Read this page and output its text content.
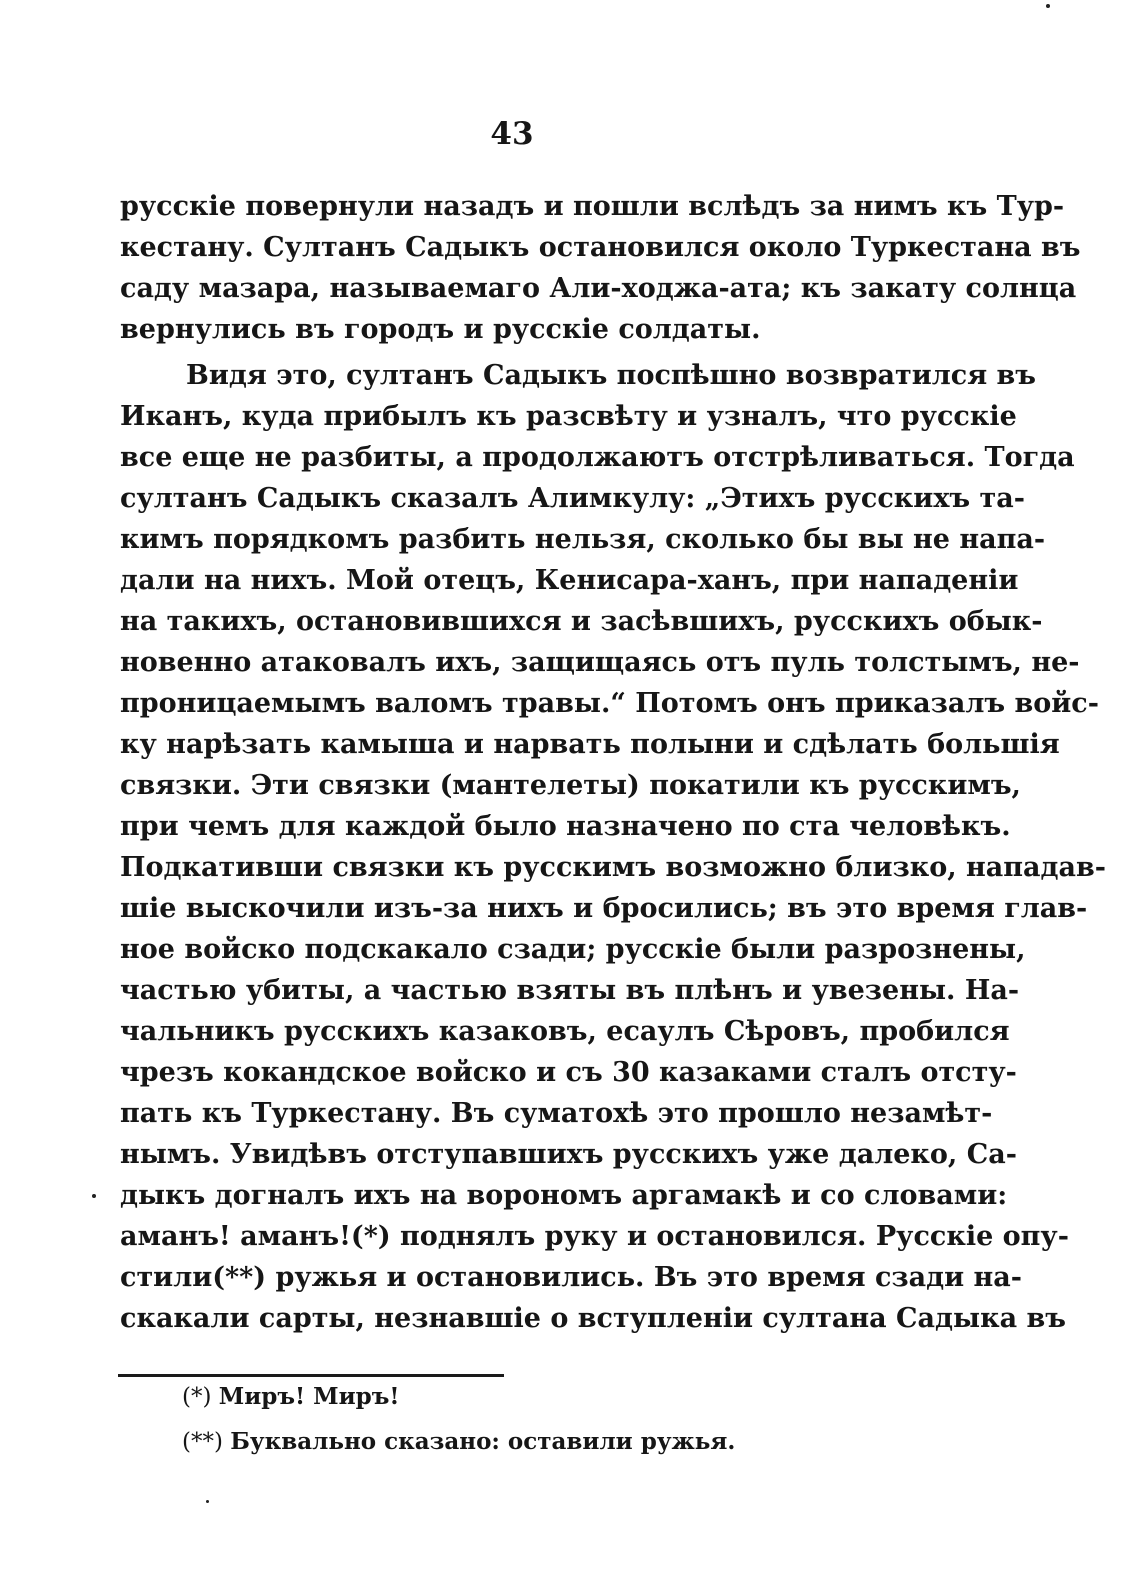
43
русскіе повернули назадъ и пошли вслѣдъ за нимъ къ Тур-
кестану. Султанъ Садыкъ остановился около Туркестана въ
саду мазара, называемаго Али-ходжа-ата; къ закату солнца
вернулись въ городъ и русскіе солдаты.
Видя это, султанъ Садыкъ поспѣшно возвратился въ
Иканъ, куда прибылъ къ разсвѣту и узналъ, что русскіе
все еще не разбиты, а продолжаютъ отстрѣливаться. Тогда
султанъ Садыкъ сказалъ Алимкулу: „Этихъ русскихъ та-
кимъ порядкомъ разбить нельзя, сколько бы вы не напа-
дали на нихъ. Мой отецъ, Кенисара-ханъ, при нападеніи
на такихъ, остановившихся и засѣвшихъ, русскихъ обык-
новенно атаковалъ ихъ, защищаясь отъ пуль толстымъ, не-
проницаемымъ валомъ травы.“ Потомъ онъ приказалъ войс-
ку нарѣзать камыша и нарвать полыни и сдѣлать большія
связки. Эти связки (мантелеты) покатили къ русскимъ,
при чемъ для каждой было назначено по ста человѣкъ.
Подкативши связки къ русскимъ возможно близко, нападав-
шіе выскочили изъ-за нихъ и бросились; въ это время глав-
ное войско подскакало сзади; русскіе были разрознены,
частью убиты, а частью взяты въ плѣнъ и увезены. На-
чальникъ русскихъ казаковъ, есаулъ Сѣровъ, пробился
чрезъ кокандское войско и съ 30 казаками сталъ отсту-
пать къ Туркестану. Въ суматохѣ это прошло незамѣт-
нымъ. Увидѣвъ отступавшихъ русскихъ уже далеко, Са-
дыкъ догналъ ихъ на ворономъ аргамакѣ и со словами:
аманъ! аманъ!(*) поднялъ руку и остановился. Русскіе опу-
стили(**) ружья и остановились. Въ это время сзади на-
скакали сарты, незнавшіе о вступленіи султана Садыка въ
(*) Миръ! Миръ!
(**) Буквально сказано: оставили ружья.
